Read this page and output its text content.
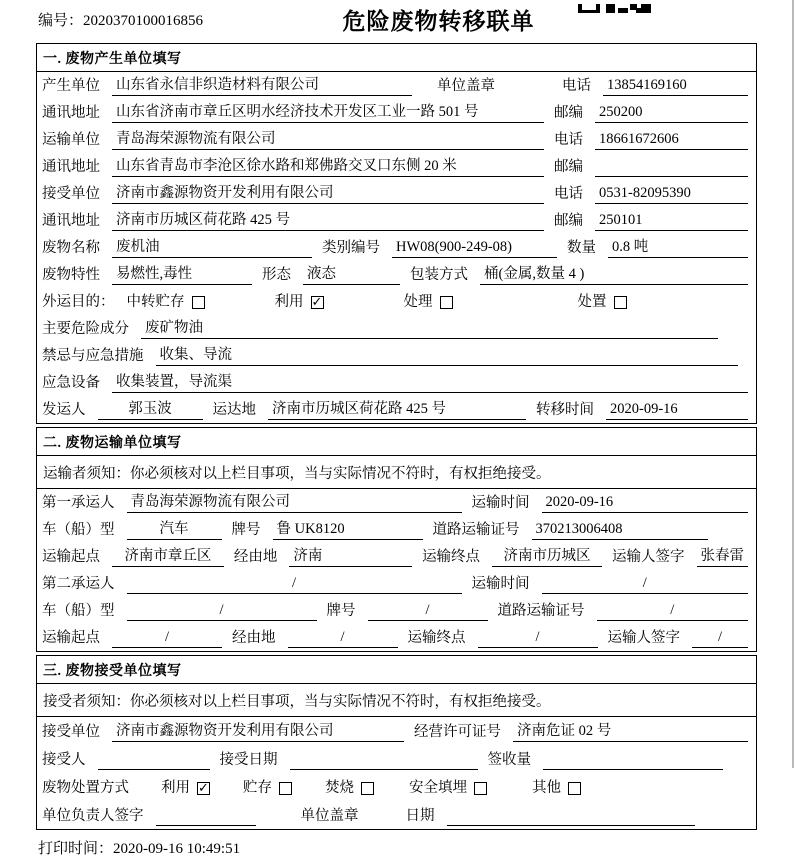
编号：2020370100016856	危险废物转移联单
一. 废物产生单位填写
产生单位 山东省永信非织造材料有限公司	单位盖章	电话 13854169160
通讯地址 山东省济南市章丘区明水经济技术开发区工业一路 501 号	邮编 250200
运输单位 青岛海荣源物流有限公司	电话 18661672606
通讯地址 山东省青岛市李沧区徐水路和郑佛路交叉口东侧 20 米	邮编
接受单位 济南市鑫源物资开发利用有限公司	电话 0531-82095390
通讯地址 济南市历城区荷花路 425 号	邮编 250101
废物名称 废机油	类别编号 HW08(900-249-08)	数量 0.8 吨
废物特性 易燃性,毒性	形态 液态	包装方式 桶(金属,数量 4 )
外运目的： 中转贮存	利用 ✓	处理	处置
主要危险成分 废矿物油
禁忌与应急措施 收集、导流
应急设备 收集装置，导流渠
发运人	郭玉波	运达地 济南市历城区荷花路 425 号	转移时间 2020-09-16
二. 废物运输单位填写
运输者须知：你必须核对以上栏目事项，当与实际情况不符时，有权拒绝接受。
第一承运人 青岛海荣源物流有限公司	运输时间 2020-09-16
车（船）型	汽车	牌号 鲁 UK8120	道路运输证号 370213006408
运输起点	济南市章丘区	经由地 济南	运输终点	济南市历城区	运输人签字 张春雷
第二承运人	/	运输时间	/
车（船）型	/	牌号	/	道路运输证号	/
运输起点	/	经由地	/	运输终点	/	运输人签字	/
三. 废物接受单位填写
接受者须知：你必须核对以上栏目事项，当与实际情况不符时，有权拒绝接受。
接受单位 济南市鑫源物资开发利用有限公司	经营许可证号 济南危证 02 号
接受人	接受日期	签收量
废物处置方式 利用 ✓	贮存	焚烧	安全填埋	其他
单位负责人签字	单位盖章	日期
打印时间：2020-09-16 10:49:51
